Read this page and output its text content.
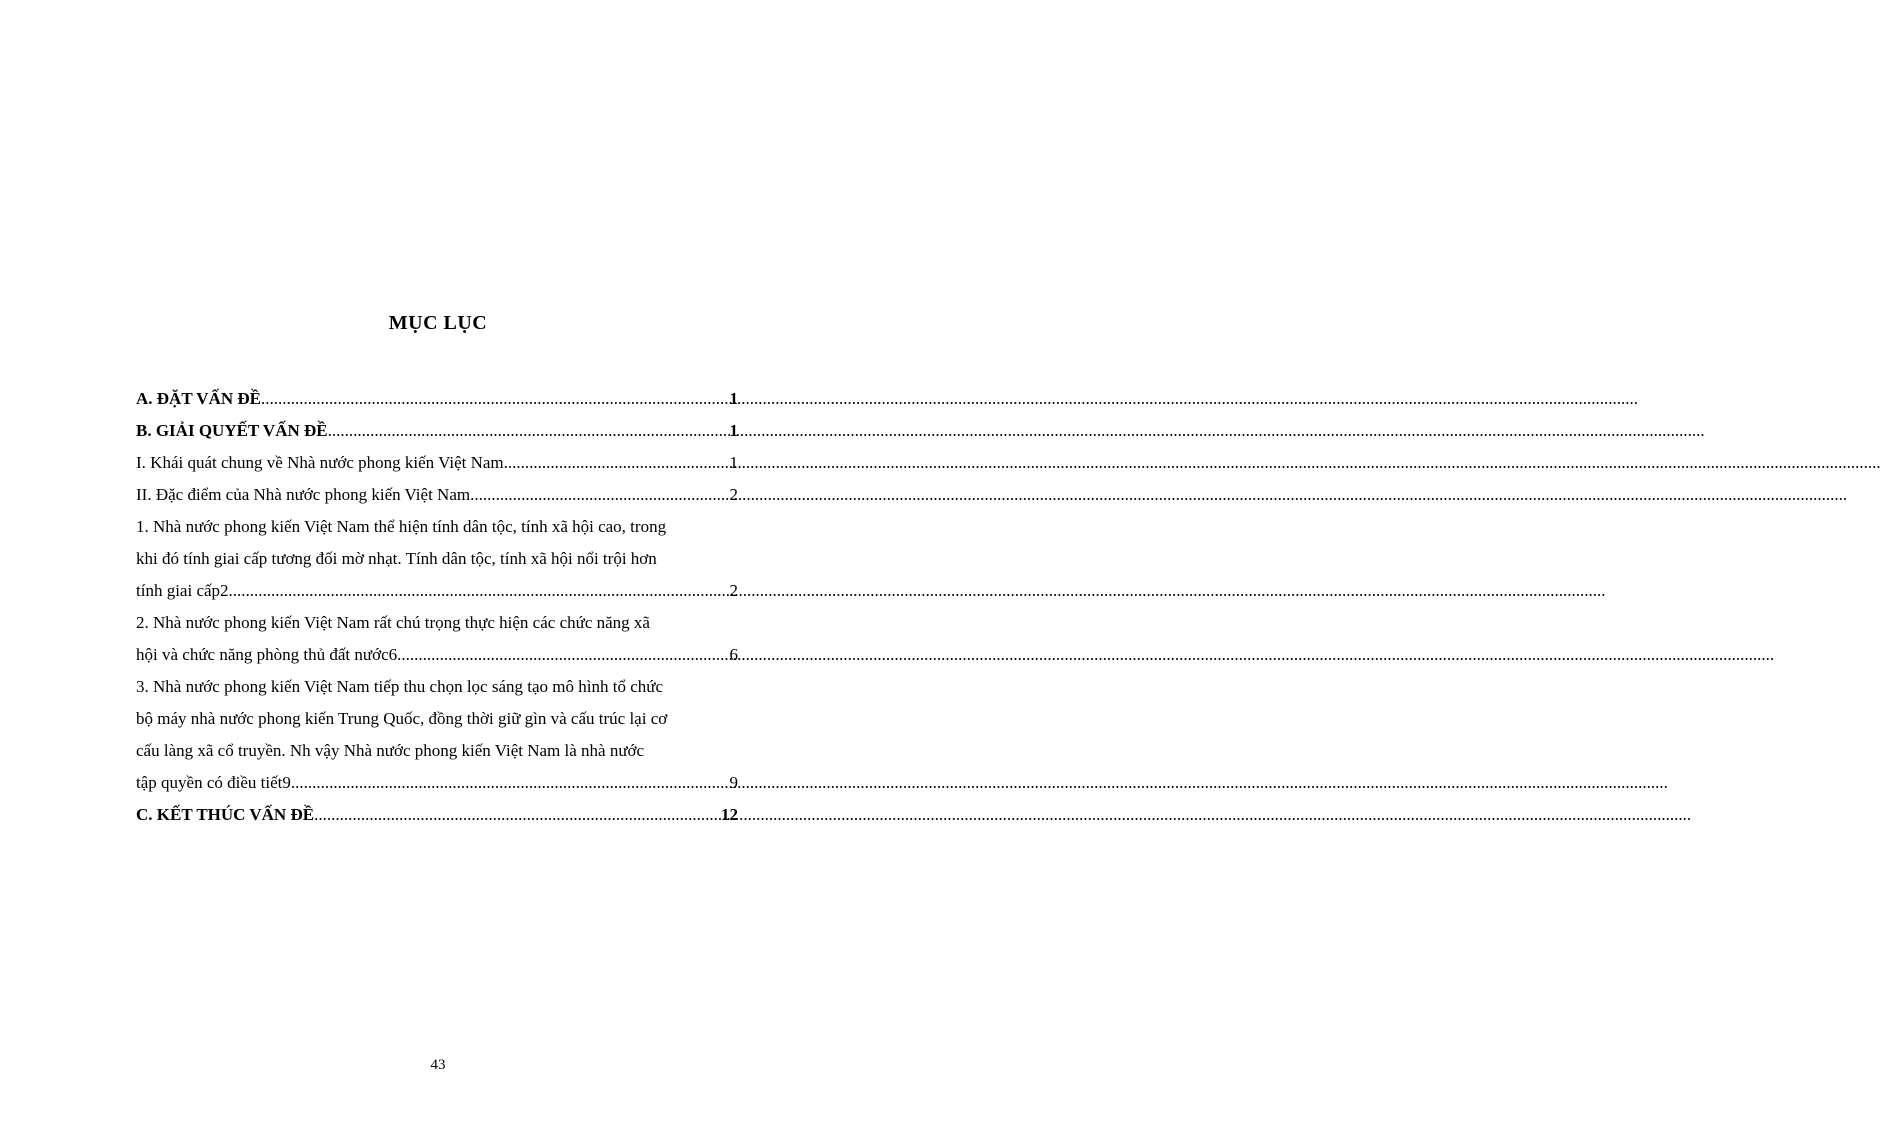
MỤC LỤC
A. ĐẶT VẤN ĐỀ .....	1
B. GIẢI QUYẾT VẤN ĐỀ .....	1
I. Khái quát chung về Nhà nước phong kiến Việt Nam .....	1
II. Đặc điểm của Nhà nước phong kiến Việt Nam .....	2
1. Nhà nước phong kiến Việt Nam thể hiện tính dân tộc, tính xã hội cao, trong
khi đó tính giai cấp tương đối mờ nhạt. Tính dân tộc, tính xã hội nổi trội hơn
tính giai cấp2 .....	2
2. Nhà nước phong kiến Việt Nam rất chú trọng thực hiện các chức năng xã
hội và chức năng phòng thủ đất nước6 .....	6
3. Nhà nước phong kiến Việt Nam tiếp thu chọn lọc sáng tạo mô hình tổ chức
bộ máy nhà nước phong kiến Trung Quốc, đồng thời giữ gìn và cấu trúc lại cơ
cấu làng xã cổ truyền. Nh vậy Nhà nước phong kiến Việt Nam là nhà nước
tập quyền có điều tiết9 .....	9
C. KẾT THÚC VẤN ĐỀ .....	12
43
